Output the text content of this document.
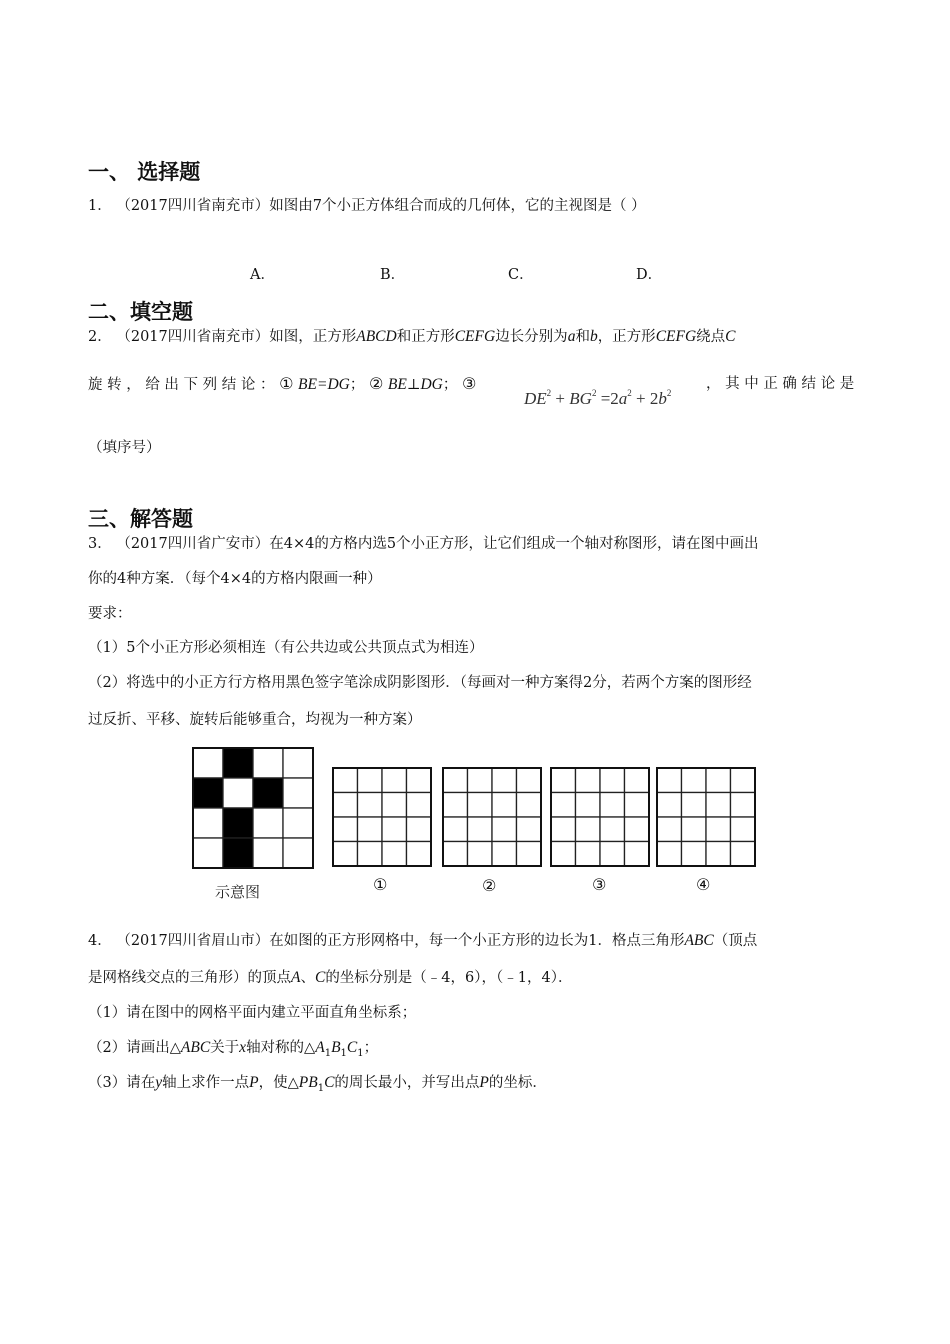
一、 选择题
1． （2017四川省南充市）如图由7个小正方体组合而成的几何体，它的主视图是（ ）
A．	B．	C．	D．
二、填空题
2． （2017四川省南充市）如图，正方形ABCD和正方形CEFG边长分别为a和b，正方形CEFG绕点C
旋 转 ， 给 出 下 列 结 论 ： ① BE=DG； ② BE⊥DG； ③
$DE^2 + BG^2 =2a^2 + 2b^2$
， 其 中 正 确 结 论 是
（填序号）
三、解答题
3． （2017四川省广安市）在4×4的方格内选5个小正方形，让它们组成一个轴对称图形，请在图中画出
你的4种方案．（每个4×4的方格内限画一种）
要求：
（1）5个小正方形必须相连（有公共边或公共顶点式为相连）
（2）将选中的小正方行方格用黑色签字笔涂成阴影图形．（每画对一种方案得2分，若两个方案的图形经
过反折、平移、旋转后能够重合，均视为一种方案）
示意图	①	②	③	④
4． （2017四川省眉山市）在如图的正方形网格中，每一个小正方形的边长为1．格点三角形ABC（顶点
是网格线交点的三角形）的顶点A、C的坐标分别是（﹣4，6），（﹣1，4）．
（1）请在图中的网格平面内建立平面直角坐标系；
（2）请画出△ABC关于x轴对称的$\triangle A_1B_1C_1$；
（3）请在y轴上求作一点P，使$\triangle PB_1C$的周长最小，并写出点P的坐标．
